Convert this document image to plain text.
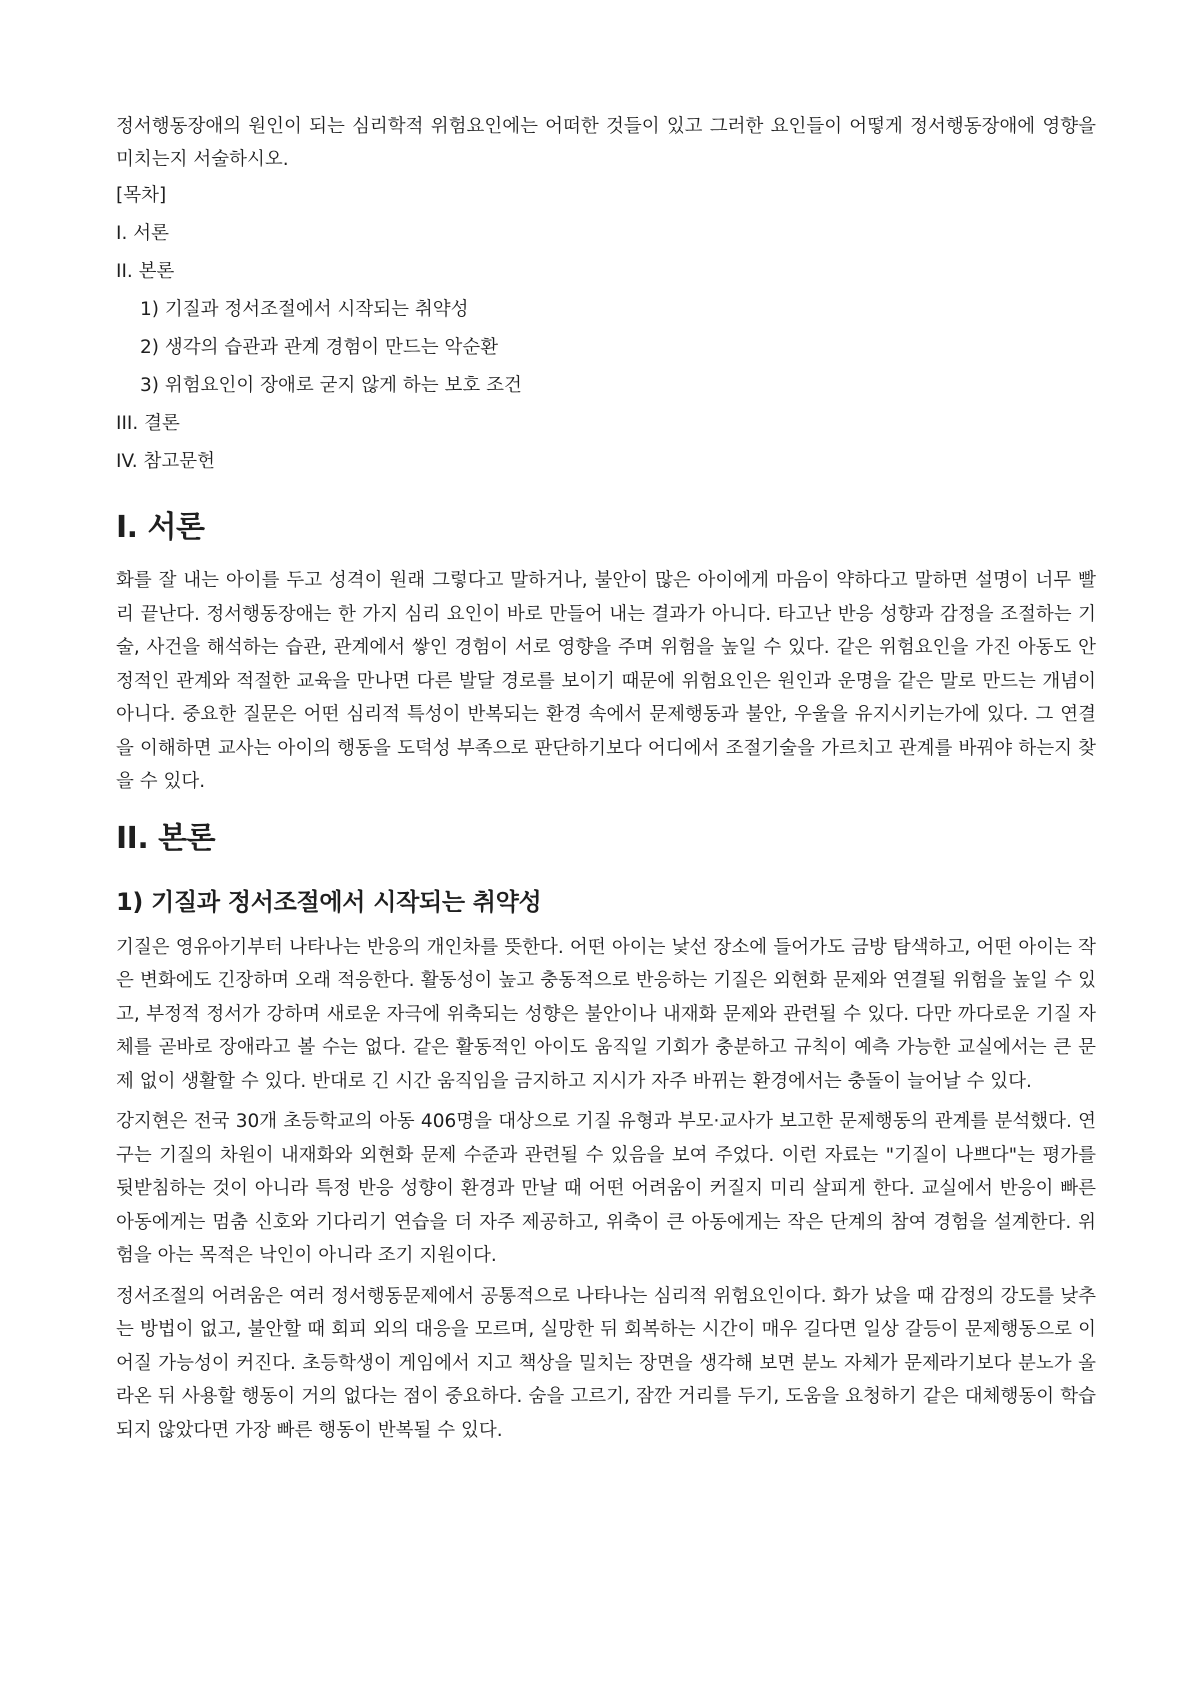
정서행동장애의 원인이 되는 심리학적 위험요인에는 어떠한 것들이 있고 그러한 요인들이 어떻게 정서행동장애에 영향을 미치는지 서술하시오.

[목차]

I. 서론

II. 본론

1) 기질과 정서조절에서 시작되는 취약성

2) 생각의 습관과 관계 경험이 만드는 악순환

3) 위험요인이 장애로 굳지 않게 하는 보호 조건

III. 결론

IV. 참고문헌

I. 서론

화를 잘 내는 아이를 두고 성격이 원래 그렇다고 말하거나, 불안이 많은 아이에게 마음이 약하다고 말하면 설명이 너무 빨리 끝난다. 정서행동장애는 한 가지 심리 요인이 바로 만들어 내는 결과가 아니다. 타고난 반응 성향과 감정을 조절하는 기술, 사건을 해석하는 습관, 관계에서 쌓인 경험이 서로 영향을 주며 위험을 높일 수 있다. 같은 위험요인을 가진 아동도 안정적인 관계와 적절한 교육을 만나면 다른 발달 경로를 보이기 때문에 위험요인은 원인과 운명을 같은 말로 만드는 개념이 아니다. 중요한 질문은 어떤 심리적 특성이 반복되는 환경 속에서 문제행동과 불안, 우울을 유지시키는가에 있다. 그 연결을 이해하면 교사는 아이의 행동을 도덕성 부족으로 판단하기보다 어디에서 조절기술을 가르치고 관계를 바꿔야 하는지 찾을 수 있다.

II. 본론
1) 기질과 정서조절에서 시작되는 취약성

기질은 영유아기부터 나타나는 반응의 개인차를 뜻한다. 어떤 아이는 낯선 장소에 들어가도 금방 탐색하고, 어떤 아이는 작은 변화에도 긴장하며 오래 적응한다. 활동성이 높고 충동적으로 반응하는 기질은 외현화 문제와 연결될 위험을 높일 수 있고, 부정적 정서가 강하며 새로운 자극에 위축되는 성향은 불안이나 내재화 문제와 관련될 수 있다. 다만 까다로운 기질 자체를 곧바로 장애라고 볼 수는 없다. 같은 활동적인 아이도 움직일 기회가 충분하고 규칙이 예측 가능한 교실에서는 큰 문제 없이 생활할 수 있다. 반대로 긴 시간 움직임을 금지하고 지시가 자주 바뀌는 환경에서는 충돌이 늘어날 수 있다.

강지현은 전국 30개 초등학교의 아동 406명을 대상으로 기질 유형과 부모·교사가 보고한 문제행동의 관계를 분석했다. 연구는 기질의 차원이 내재화와 외현화 문제 수준과 관련될 수 있음을 보여 주었다. 이런 자료는 "기질이 나쁘다"는 평가를 뒷받침하는 것이 아니라 특정 반응 성향이 환경과 만날 때 어떤 어려움이 커질지 미리 살피게 한다. 교실에서 반응이 빠른 아동에게는 멈춤 신호와 기다리기 연습을 더 자주 제공하고, 위축이 큰 아동에게는 작은 단계의 참여 경험을 설계한다. 위험을 아는 목적은 낙인이 아니라 조기 지원이다.

정서조절의 어려움은 여러 정서행동문제에서 공통적으로 나타나는 심리적 위험요인이다. 화가 났을 때 감정의 강도를 낮추는 방법이 없고, 불안할 때 회피 외의 대응을 모르며, 실망한 뒤 회복하는 시간이 매우 길다면 일상 갈등이 문제행동으로 이어질 가능성이 커진다. 초등학생이 게임에서 지고 책상을 밀치는 장면을 생각해 보면 분노 자체가 문제라기보다 분노가 올라온 뒤 사용할 행동이 거의 없다는 점이 중요하다. 숨을 고르기, 잠깐 거리를 두기, 도움을 요청하기 같은 대체행동이 학습되지 않았다면 가장 빠른 행동이 반복될 수 있다.
